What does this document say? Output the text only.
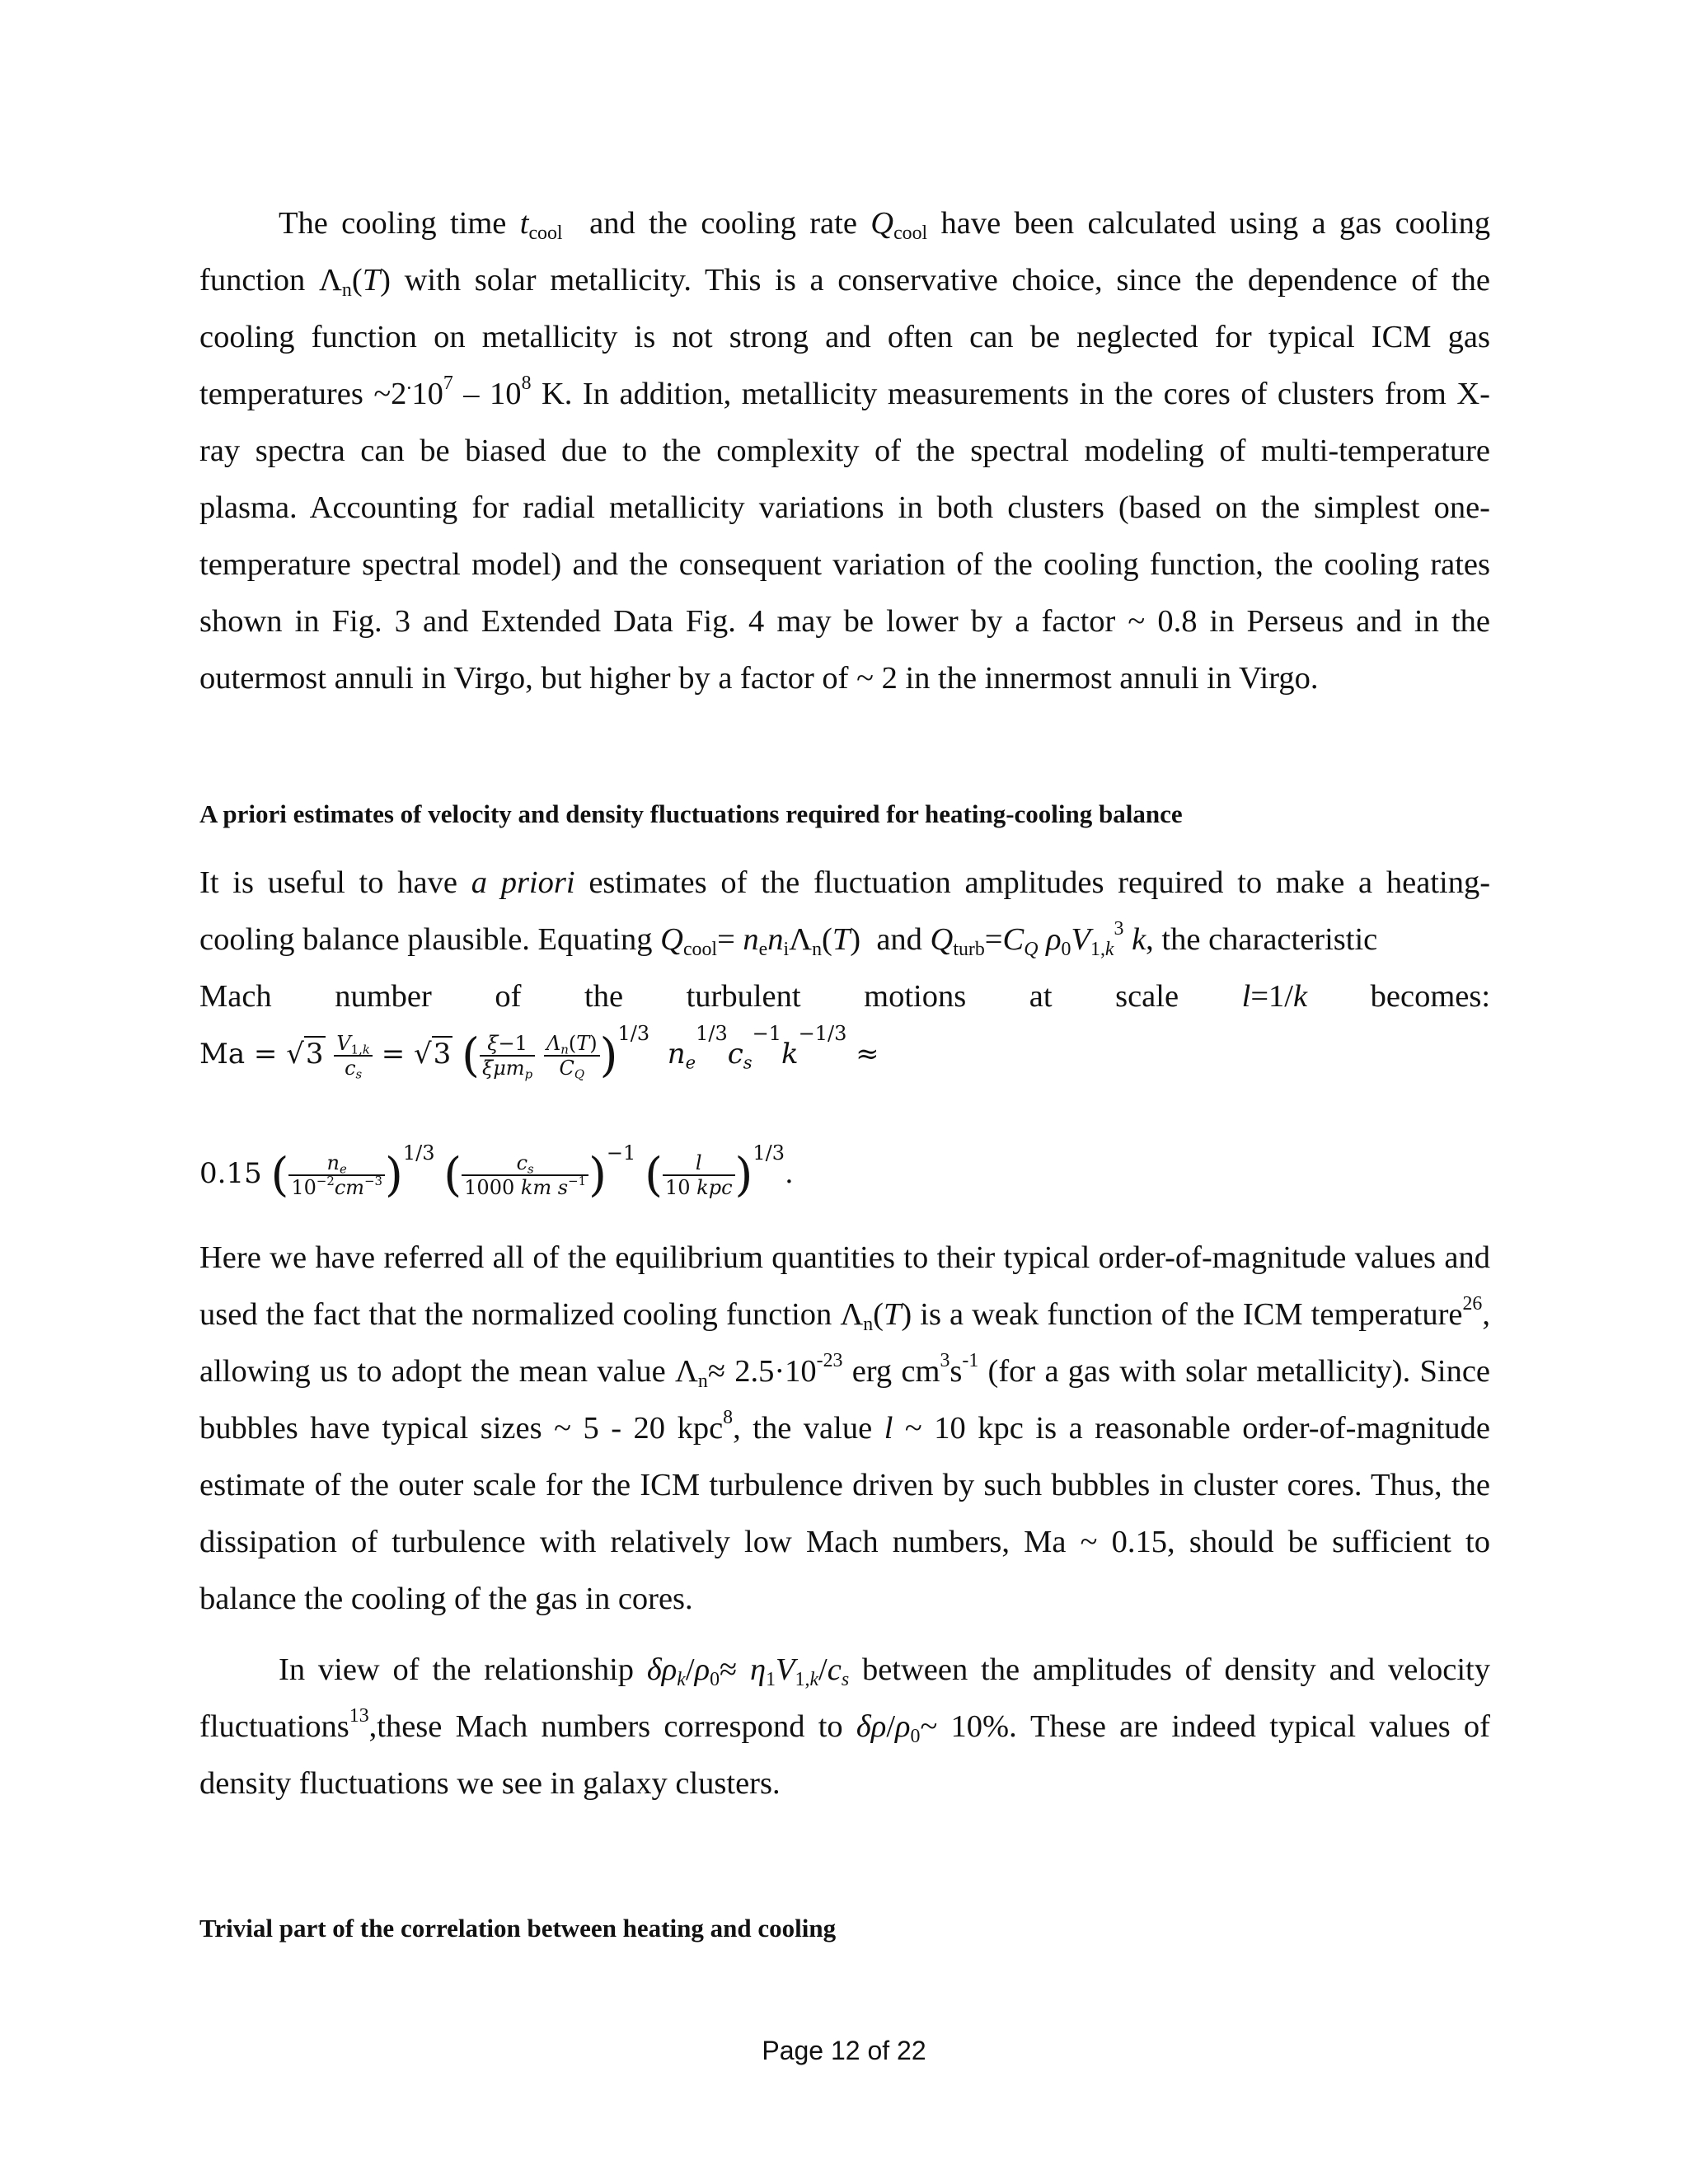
The cooling time $t_{cool}$ and the cooling rate $Q_{cool}$ have been calculated using a gas cooling function $\Lambda_n(T)$ with solar metallicity. This is a conservative choice, since the dependence of the cooling function on metallicity is not strong and often can be neglected for typical ICM gas temperatures $\sim 2^.10^7 - 10^8$ K. In addition, metallicity measurements in the cores of clusters from X-ray spectra can be biased due to the complexity of the spectral modeling of multi-temperature plasma. Accounting for radial metallicity variations in both clusters (based on the simplest one-temperature spectral model) and the consequent variation of the cooling function, the cooling rates shown in Fig. 3 and Extended Data Fig. 4 may be lower by a factor ~ 0.8 in Perseus and in the outermost annuli in Virgo, but higher by a factor of ~ 2 in the innermost annuli in Virgo.

A priori estimates of velocity and density fluctuations required for heating-cooling balance

It is useful to have a priori estimates of the fluctuation amplitudes required to make a heating-cooling balance plausible. Equating $Q_{cool}= n_en_i\Lambda_n(T)$  and $Q_{turb}=C_Q$ $\rho_0V_{1,k}^3$ k, the characteristic

Mach number of the turbulent motions at scale l=1/k becomes:

$Ma = √3 \frac{V_{1,k}}{c_s} = √3$ ( $\frac{\xi-1}{\xi\mu m_p}$
$\frac{\Lambda_n(T)}{C_Q} )^{1/3}$  $n_e^{1/3}c_s^{-1}k^{-1/3}$ ≈
0.15 ( $\frac{n_e}{10^{-2}cm^{-3}} )^{1/3}$ ( $\frac{c_s}{1000 km s^{-1}} )^{-1}$ ( $\frac{l}{\text{10 kpc}} )^{1/3}$.

Here we have referred all of the equilibrium quantities to their typical order-of-magnitude values and used the fact that the normalized cooling function $\Lambda_n(T)$ is a weak function of the ICM temperature$^{26}$, allowing us to adopt the mean value $\Lambda_n\approx 2.5\cdot 10^{-23}$ erg $cm^3s^{-1}$ (for a gas with solar metallicity). Since bubbles have typical sizes ~ 5 - 20 kpc$^8$, the value l ~ 10 kpc is a reasonable order-of-magnitude estimate of the outer scale for the ICM turbulence driven by such bubbles in cluster cores. Thus, the dissipation of turbulence with relatively low Mach numbers, Ma ~ 0.15, should be sufficient to balance the cooling of the gas in cores.

In view of the relationship $\delta\rho_k/\rho_0\approx \eta_1V_{1,k}/c_s$ between the amplitudes of density and velocity fluctuations$^{13}$,these Mach numbers correspond to $\delta\rho/\rho_0\sim$ 10%. These are indeed typical values of density fluctuations we see in galaxy clusters.

Trivial part of the correlation between heating and cooling

Page 12 of 22
